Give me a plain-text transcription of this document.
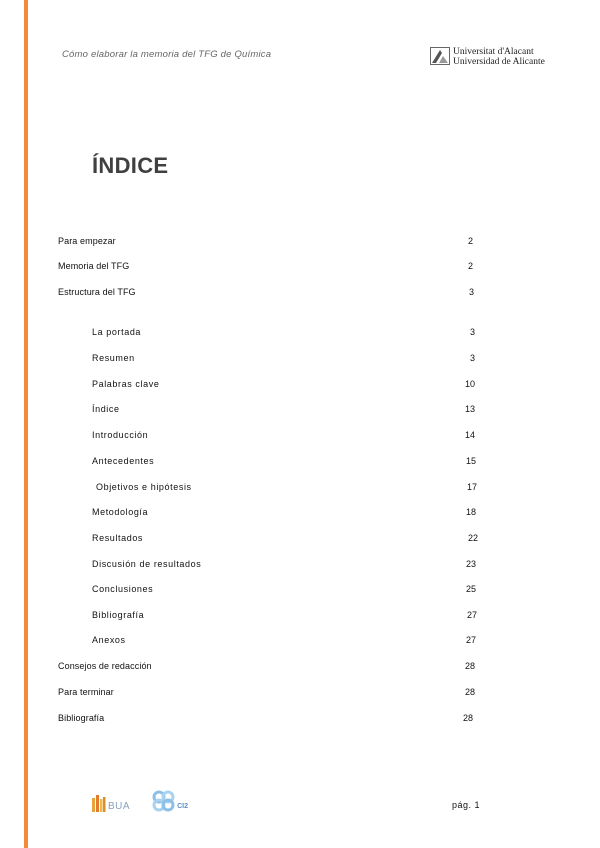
Cómo elaborar la memoria del TFG de Química	Universitat d'Alacant
Universidad de Alicante
ÍNDICE
Para empezar	2
Memoria del TFG	2
Estructura del TFG	3
La portada	3
Resumen	3
Palabras clave	10
Índice	13
Introducción	14
Antecedentes	15
Objetivos e hipótesis	17
Metodología	18
Resultados	22
Discusión de resultados	23
Conclusiones	25
Bibliografía	27
Anexos	27
Consejos de redacción	28
Para terminar	28
Bibliografía	28
BUA	CI2	pág. 1
